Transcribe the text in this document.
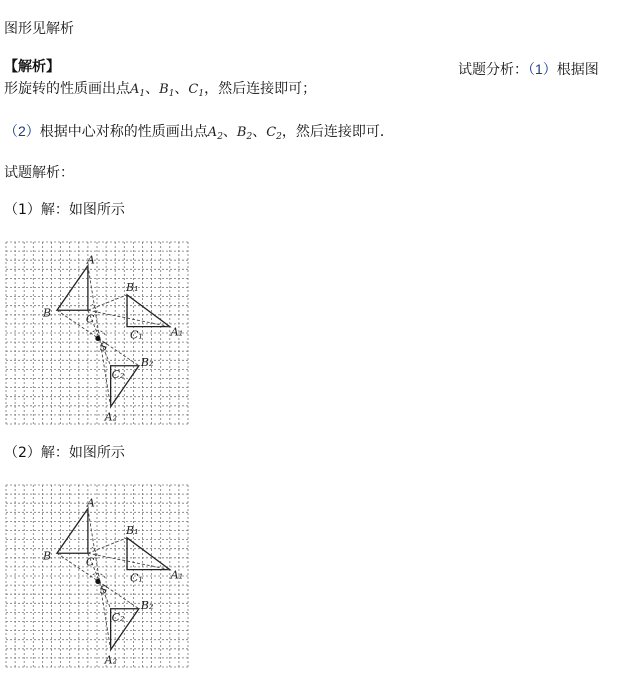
图形见解析
【解析】	试题分析：（1）根据图
形旋转的性质画出点$A_1$、$B_1$、$C_1$，然后连接即可；
（2）根据中心对称的性质画出点$A_2$、$B_2$、$C_2$，然后连接即可．
试题解析：
（1）解：如图所示
A
B	C
A₁
B₁
C₁
S
A₂
B₂
C₂
（2）解：如图所示
A
B	C
A₁
B₁
C₁
S
A₂
B₂
C₂
